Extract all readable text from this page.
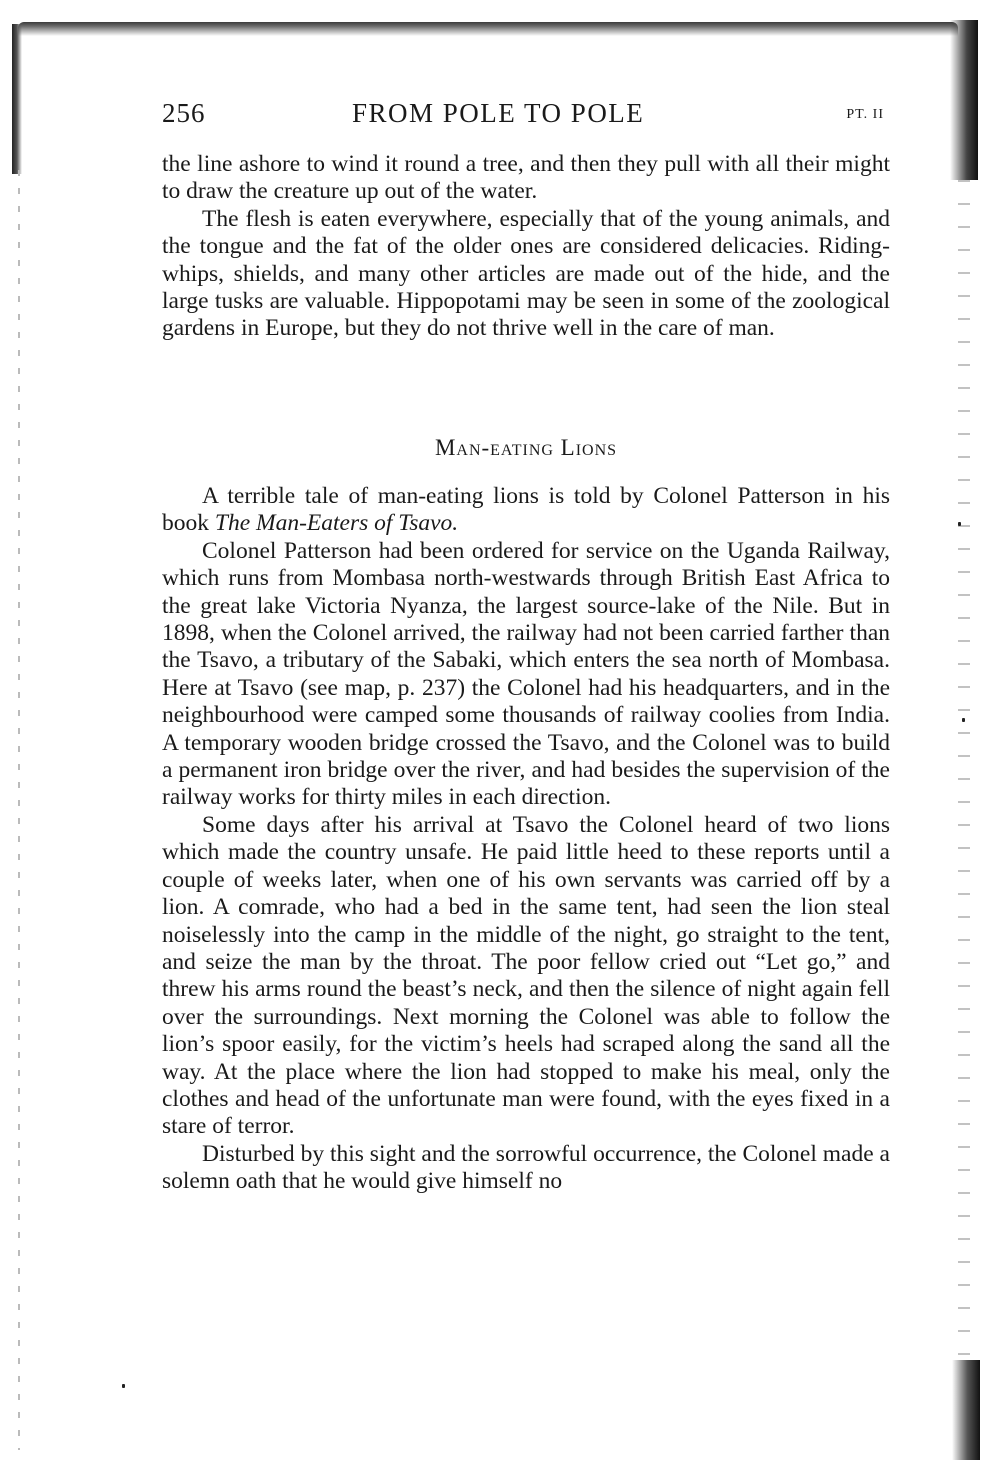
256	FROM POLE TO POLE	PT. II

the line ashore to wind it round a tree, and then they pull with all their might to draw the creature up out of the water.

The flesh is eaten everywhere, especially that of the young animals, and the tongue and the fat of the older ones are considered delicacies. Riding-whips, shields, and many other articles are made out of the hide, and the large tusks are valuable. Hippopotami may be seen in some of the zoological gardens in Europe, but they do not thrive well in the care of man.

Man-eating Lions

A terrible tale of man-eating lions is told by Colonel Patterson in his book The Man-Eaters of Tsavo.

Colonel Patterson had been ordered for service on the Uganda Railway, which runs from Mombasa north-westwards through British East Africa to the great lake Victoria Nyanza, the largest source-lake of the Nile. But in 1898, when the Colonel arrived, the railway had not been carried farther than the Tsavo, a tributary of the Sabaki, which enters the sea north of Mombasa. Here at Tsavo (see map, p. 237) the Colonel had his headquarters, and in the neighbourhood were camped some thousands of railway coolies from India. A temporary wooden bridge crossed the Tsavo, and the Colonel was to build a permanent iron bridge over the river, and had besides the supervision of the railway works for thirty miles in each direction.

Some days after his arrival at Tsavo the Colonel heard of two lions which made the country unsafe. He paid little heed to these reports until a couple of weeks later, when one of his own servants was carried off by a lion. A comrade, who had a bed in the same tent, had seen the lion steal noiselessly into the camp in the middle of the night, go straight to the tent, and seize the man by the throat. The poor fellow cried out “Let go,” and threw his arms round the beast’s neck, and then the silence of night again fell over the surroundings. Next morning the Colonel was able to follow the lion’s spoor easily, for the victim’s heels had scraped along the sand all the way. At the place where the lion had stopped to make his meal, only the clothes and head of the unfortunate man were found, with the eyes fixed in a stare of terror.

Disturbed by this sight and the sorrowful occurrence, the Colonel made a solemn oath that he would give himself no
